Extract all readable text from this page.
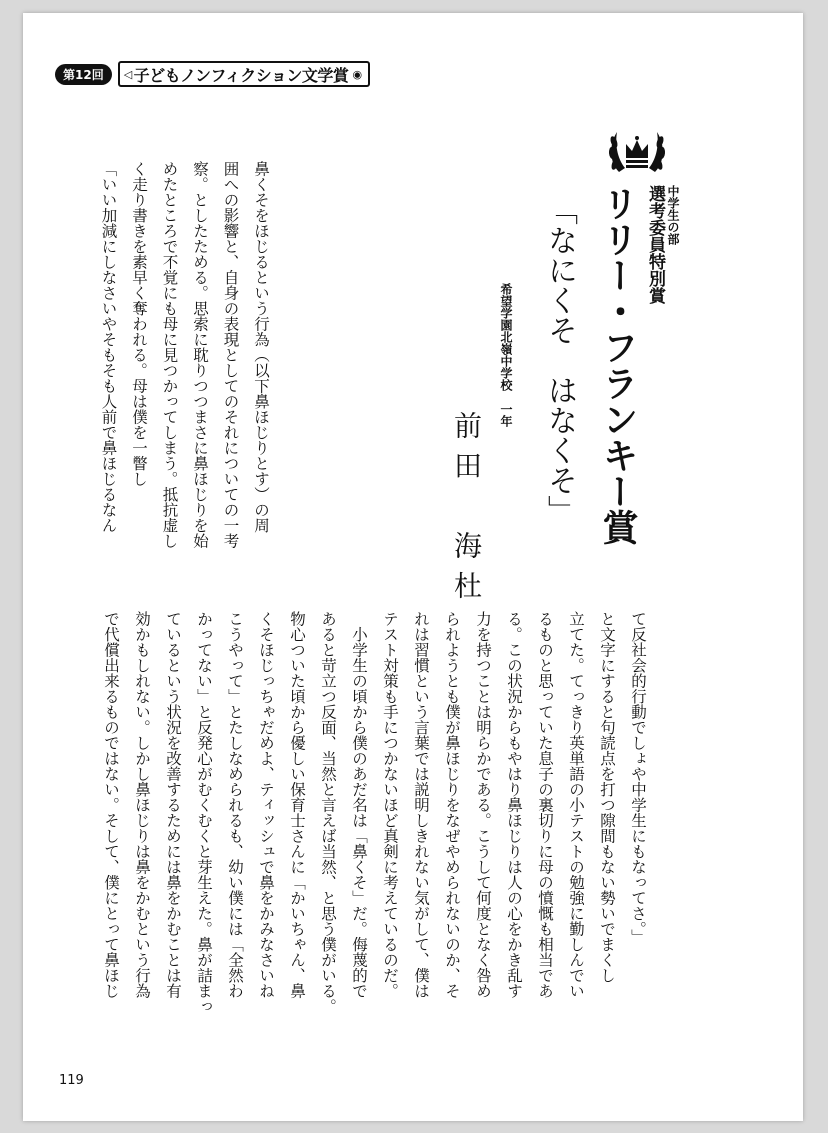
第12回	◁ 子どもノンフィクション文学賞 ◉
中学生の部
選考委員特別賞
リリー・フランキー賞
「なにくそ　はなくそ」
希望学園北嶺中学校　一年
前田　海杜

鼻くそをほじるという行為（以下鼻ほじりとす）の周

囲への影響と、自身の表現としてのそれについての一考

察。としたためる。思索に耽りつつまさに鼻ほじりを始

めたところで不覚にも母に見つかってしまう。抵抗虚し

く走り書きを素早く奪われる。母は僕を一瞥し

「いい加減にしなさいやそもそも人前で鼻ほじるなん

て反社会的行動でしょや中学生にもなってさ。」

と文字にすると句読点を打つ隙間もない勢いでまくし

立てた。てっきり英単語の小テストの勉強に勤しんでい

るものと思っていた息子の裏切りに母の憤慨も相当であ

る。この状況からもやはり鼻ほじりは人の心をかき乱す

力を持つことは明らかである。こうして何度となく咎め

られようとも僕が鼻ほじりをなぜやめられないのか、そ

れは習慣という言葉では説明しきれない気がして、僕は

テスト対策も手につかないほど真剣に考えているのだ。

　小学生の頃から僕のあだ名は「鼻くそ」だ。侮蔑的で

あると苛立つ反面、当然と言えば当然、と思う僕がいる。

物心ついた頃から優しい保育士さんに「かいちゃん、鼻

くそほじっちゃだめよ、ティッシュで鼻をかみなさいね

こうやって」とたしなめられるも、幼い僕には「全然わ

かってない」と反発心がむくむくと芽生えた。鼻が詰まっ

ているという状況を改善するためには鼻をかむことは有

効かもしれない。しかし鼻ほじりは鼻をかむという行為

で代償出来るものではない。そして、僕にとって鼻ほじ

119
